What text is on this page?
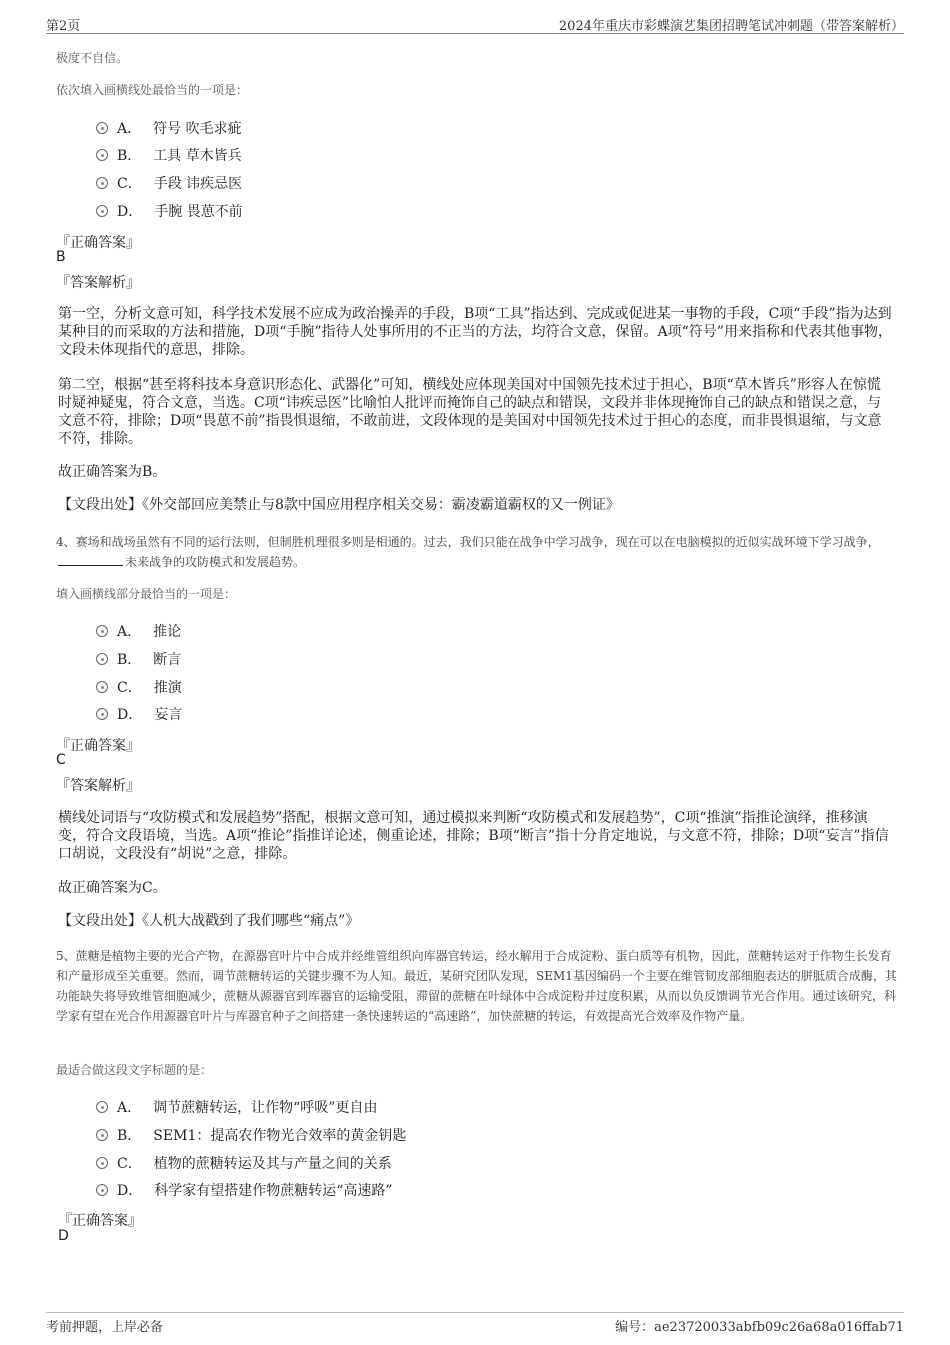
第2页	2024年重庆市彩蝶演艺集团招聘笔试冲刺题（带答案解析）
极度不自信。
依次填入画横线处最恰当的一项是：
A． 符号 吹毛求疵
B． 工具 草木皆兵
C． 手段 讳疾忌医
D． 手腕 畏葸不前
『正确答案』
B
『答案解析』
第一空，分析文意可知，科学技术发展不应成为政治操弄的手段，B项“工具”指达到、完成或促进某一事物的手段，C项“手段”指为达到某种目的而采取的方法和措施，D项“手腕”指待人处事所用的不正当的方法，均符合文意，保留。A项“符号”用来指称和代表其他事物，文段未体现指代的意思，排除。
第二空，根据“甚至将科技本身意识形态化、武器化”可知，横线处应体现美国对中国领先技术过于担心，B项“草木皆兵”形容人在惊慌时疑神疑鬼，符合文意，当选。C项“讳疾忌医”比喻怕人批评而掩饰自己的缺点和错误，文段并非体现掩饰自己的缺点和错误之意，与文意不符，排除；D项“畏葸不前”指畏惧退缩，不敢前进，文段体现的是美国对中国领先技术过于担心的态度，而非畏惧退缩，与文意不符，排除。
故正确答案为B。
【文段出处】《外交部回应美禁止与8款中国应用程序相关交易：霸凌霸道霸权的又一例证》
4、赛场和战场虽然有不同的运行法则，但制胜机理很多则是相通的。过去，我们只能在战争中学习战争，现在可以在电脑模拟的近似实战环境下学习战争，未来战争的攻防模式和发展趋势。
填入画横线部分最恰当的一项是：
A． 推论
B． 断言
C． 推演
D． 妄言
『正确答案』
C
『答案解析』
横线处词语与“攻防模式和发展趋势”搭配，根据文意可知，通过模拟来判断“攻防模式和发展趋势”，C项“推演”指推论演绎，推移演变，符合文段语境，当选。A项“推论”指推详论述，侧重论述，排除；B项“断言”指十分肯定地说，与文意不符，排除；D项“妄言”指信口胡说，文段没有“胡说”之意，排除。
故正确答案为C。
【文段出处】《人机大战戳到了我们哪些“痛点”》
5、蔗糖是植物主要的光合产物，在源器官叶片中合成并经维管组织向库器官转运，经水解用于合成淀粉、蛋白质等有机物，因此，蔗糖转运对于作物生长发育和产量形成至关重要。然而，调节蔗糖转运的关键步骤不为人知。最近，某研究团队发现，SEM1基因编码一个主要在维管韧皮部细胞表达的胼胝质合成酶，其功能缺失将导致维管细胞减少，蔗糖从源器官到库器官的运输受阻，滞留的蔗糖在叶绿体中合成淀粉并过度积累，从而以负反馈调节光合作用。通过该研究，科学家有望在光合作用源器官叶片与库器官种子之间搭建一条快速转运的“高速路”，加快蔗糖的转运，有效提高光合效率及作物产量。
最适合做这段文字标题的是：
A． 调节蔗糖转运，让作物“呼吸”更自由
B． SEM1：提高农作物光合效率的黄金钥匙
C． 植物的蔗糖转运及其与产量之间的关系
D． 科学家有望搭建作物蔗糖转运“高速路”
『正确答案』
D
考前押题，上岸必备	编号：ae23720033abfb09c26a68a016ffab71
